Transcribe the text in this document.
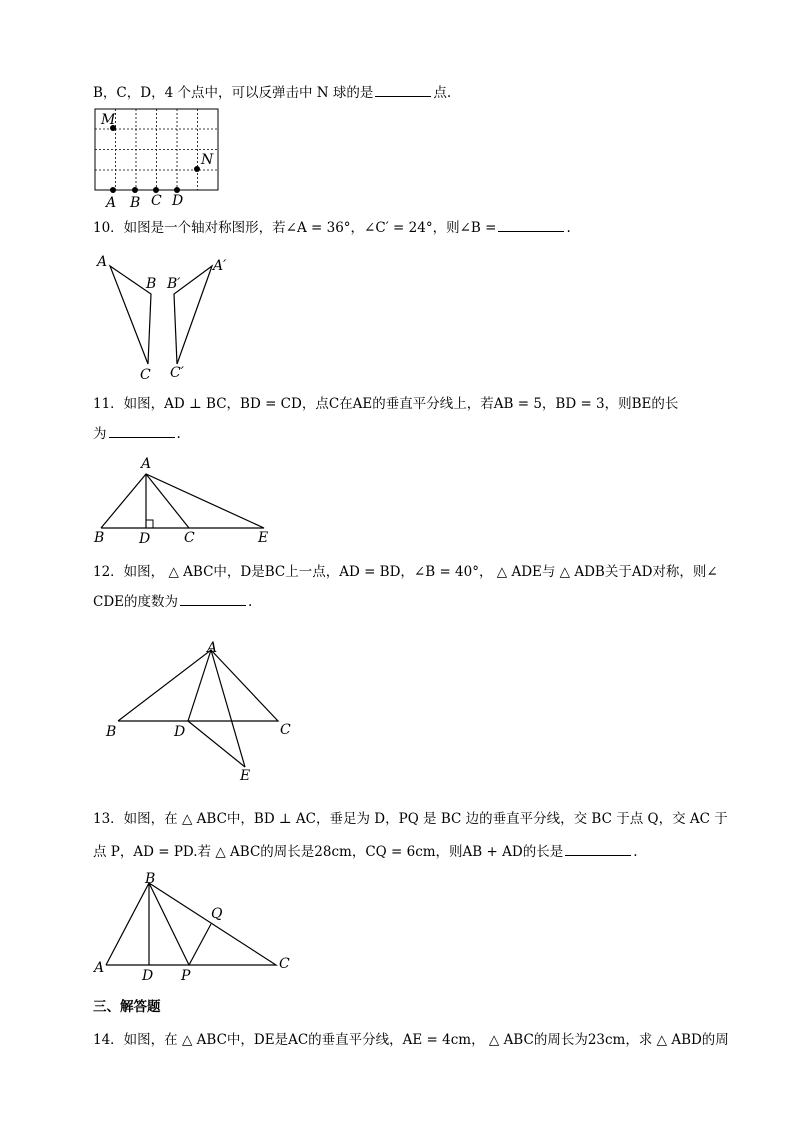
B，C，D，4 个点中，可以反弹击中 N 球的是	点.
M
N
A B C D
10．如图是一个轴对称图形，若∠A = 36°，∠C′ = 24°，则∠B =	.
A
B
C
A′
B′
C′
11．如图，AD ⊥ BC，BD = CD，点C在AE的垂直平分线上，若AB = 5，BD = 3，则BE的长
为	.
A
B D C	E
12．如图， △ ABC中，D是BC上一点，AD = BD，∠B = 40°， △ ADE与 △ ADB关于AD对称，则∠
CDE的度数为	.
A
B	D	C
E
13．如图，在 △ ABC中，BD ⊥ AC，垂足为 D，PQ 是 BC 边的垂直平分线，交 BC 于点 Q，交 AC 于
点 P，AD = PD.若 △ ABC的周长是28cm，CQ = 6cm，则AB + AD的长是	.
B
A	D P
Q
C
三、解答题
14．如图，在 △ ABC中，DE是AC的垂直平分线，AE = 4cm， △ ABC的周长为23cm，求 △ ABD的周
